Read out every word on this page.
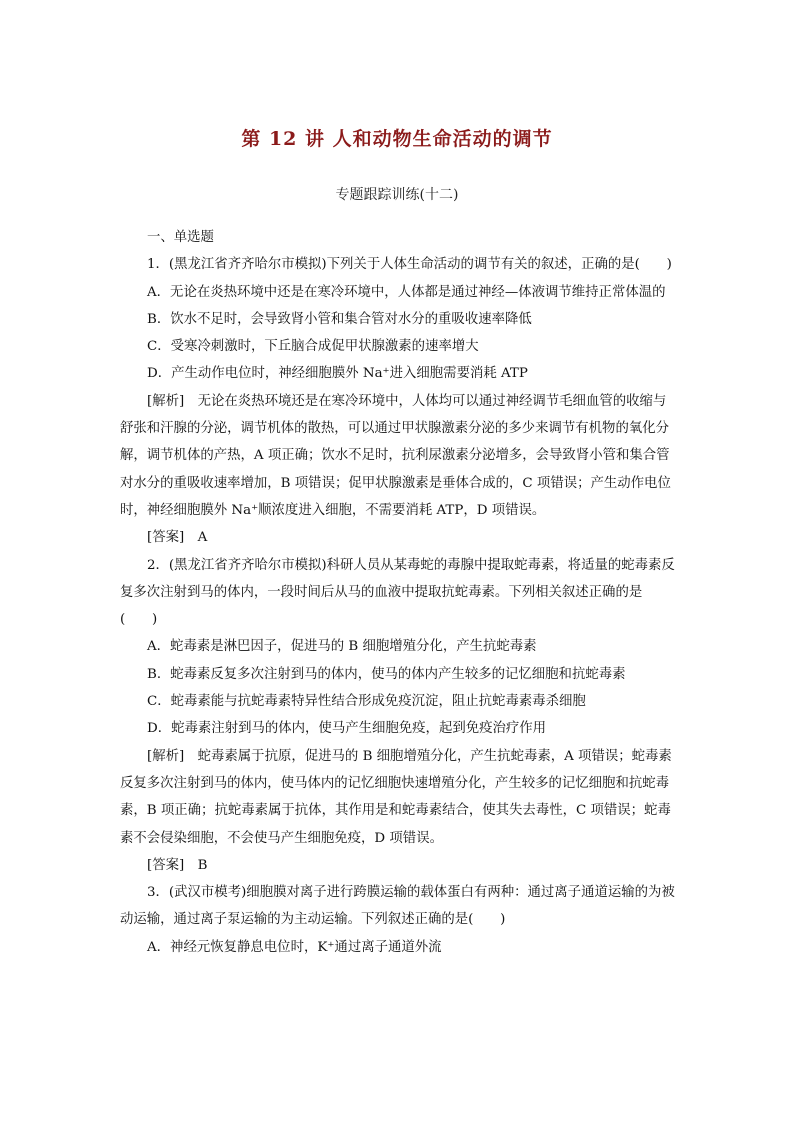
第 12 讲 人和动物生命活动的调节
专题跟踪训练(十二)

一、单选题

1．(黑龙江省齐齐哈尔市模拟)下列关于人体生命活动的调节有关的叙述，正确的是(　　)

A．无论在炎热环境中还是在寒冷环境中，人体都是通过神经—体液调节维持正常体温的

B．饮水不足时，会导致肾小管和集合管对水分的重吸收速率降低

C．受寒冷刺激时，下丘脑合成促甲状腺激素的速率增大

D．产生动作电位时，神经细胞膜外 Na⁺进入细胞需要消耗 ATP

[解析]　无论在炎热环境还是在寒冷环境中，人体均可以通过神经调节毛细血管的收缩与舒张和汗腺的分泌，调节机体的散热，可以通过甲状腺激素分泌的多少来调节有机物的氧化分解，调节机体的产热，A 项正确；饮水不足时，抗利尿激素分泌增多，会导致肾小管和集合管对水分的重吸收速率增加，B 项错误；促甲状腺激素是垂体合成的，C 项错误；产生动作电位时，神经细胞膜外 Na⁺顺浓度进入细胞，不需要消耗 ATP，D 项错误。

[答案]　A

2．(黑龙江省齐齐哈尔市模拟)科研人员从某毒蛇的毒腺中提取蛇毒素，将适量的蛇毒素反复多次注射到马的体内，一段时间后从马的血液中提取抗蛇毒素。下列相关叙述正确的是(　　)

A．蛇毒素是淋巴因子，促进马的 B 细胞增殖分化，产生抗蛇毒素

B．蛇毒素反复多次注射到马的体内，使马的体内产生较多的记忆细胞和抗蛇毒素

C．蛇毒素能与抗蛇毒素特异性结合形成免疫沉淀，阻止抗蛇毒素毒杀细胞

D．蛇毒素注射到马的体内，使马产生细胞免疫，起到免疫治疗作用

[解析]　蛇毒素属于抗原，促进马的 B 细胞增殖分化，产生抗蛇毒素，A 项错误；蛇毒素反复多次注射到马的体内，使马体内的记忆细胞快速增殖分化，产生较多的记忆细胞和抗蛇毒素，B 项正确；抗蛇毒素属于抗体，其作用是和蛇毒素结合，使其失去毒性，C 项错误；蛇毒素不会侵染细胞，不会使马产生细胞免疫，D 项错误。

[答案]　B

3．(武汉市模考)细胞膜对离子进行跨膜运输的载体蛋白有两种：通过离子通道运输的为被动运输，通过离子泵运输的为主动运输。下列叙述正确的是(　　)

A．神经元恢复静息电位时，K⁺通过离子通道外流
